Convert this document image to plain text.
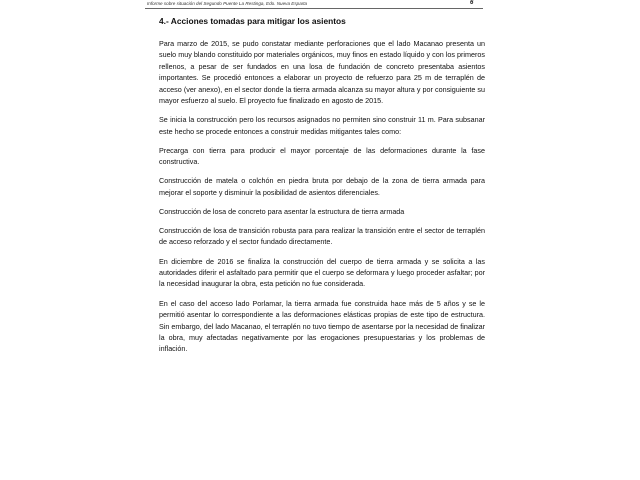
Informe sobre situación del Segundo Puente La Restinga, Edo. Nueva Esparta	6
4.- Acciones tomadas para mitigar los asientos

Para marzo de 2015, se pudo constatar mediante perforaciones que el lado Macanao presenta un suelo muy blando constituido por materiales orgánicos, muy finos en estado líquido y con los primeros rellenos, a pesar de ser fundados en una losa de fundación de concreto presentaba asientos importantes. Se procedió entonces a elaborar un proyecto de refuerzo para 25 m de terraplén de acceso (ver anexo), en el sector donde la tierra armada alcanza su mayor altura y por consiguiente su mayor esfuerzo al suelo. El proyecto fue finalizado en agosto de 2015.

Se inicia la construcción pero los recursos asignados no permiten sino construir 11 m. Para subsanar este hecho se procede entonces a construir medidas mitigantes tales como:

Precarga con tierra para producir el mayor porcentaje de las deformaciones durante la fase constructiva.

Construcción de matela o colchón en piedra bruta por debajo de la zona de tierra armada para mejorar el soporte y disminuir la posibilidad de asientos diferenciales.

Construcción de losa de concreto para asentar la estructura de tierra armada

Construcción de losa de transición robusta para para realizar la transición entre el sector de terraplén de acceso reforzado y el sector fundado directamente.

En diciembre de 2016 se finaliza la construcción del cuerpo de tierra armada y se solicita a las autoridades diferir el asfaltado para permitir que el cuerpo se deformara y luego proceder asfaltar; por la necesidad inaugurar la obra, esta petición no fue considerada.

En el caso del acceso lado Porlamar, la tierra armada fue construida hace más de 5 años y se le permitió asentar lo correspondiente a las deformaciones elásticas propias de este tipo de estructura. Sin embargo, del lado Macanao, el terraplén no tuvo tiempo de asentarse por la necesidad de finalizar la obra, muy afectadas negativamente por las erogaciones presupuestarias y los problemas de inflación.
